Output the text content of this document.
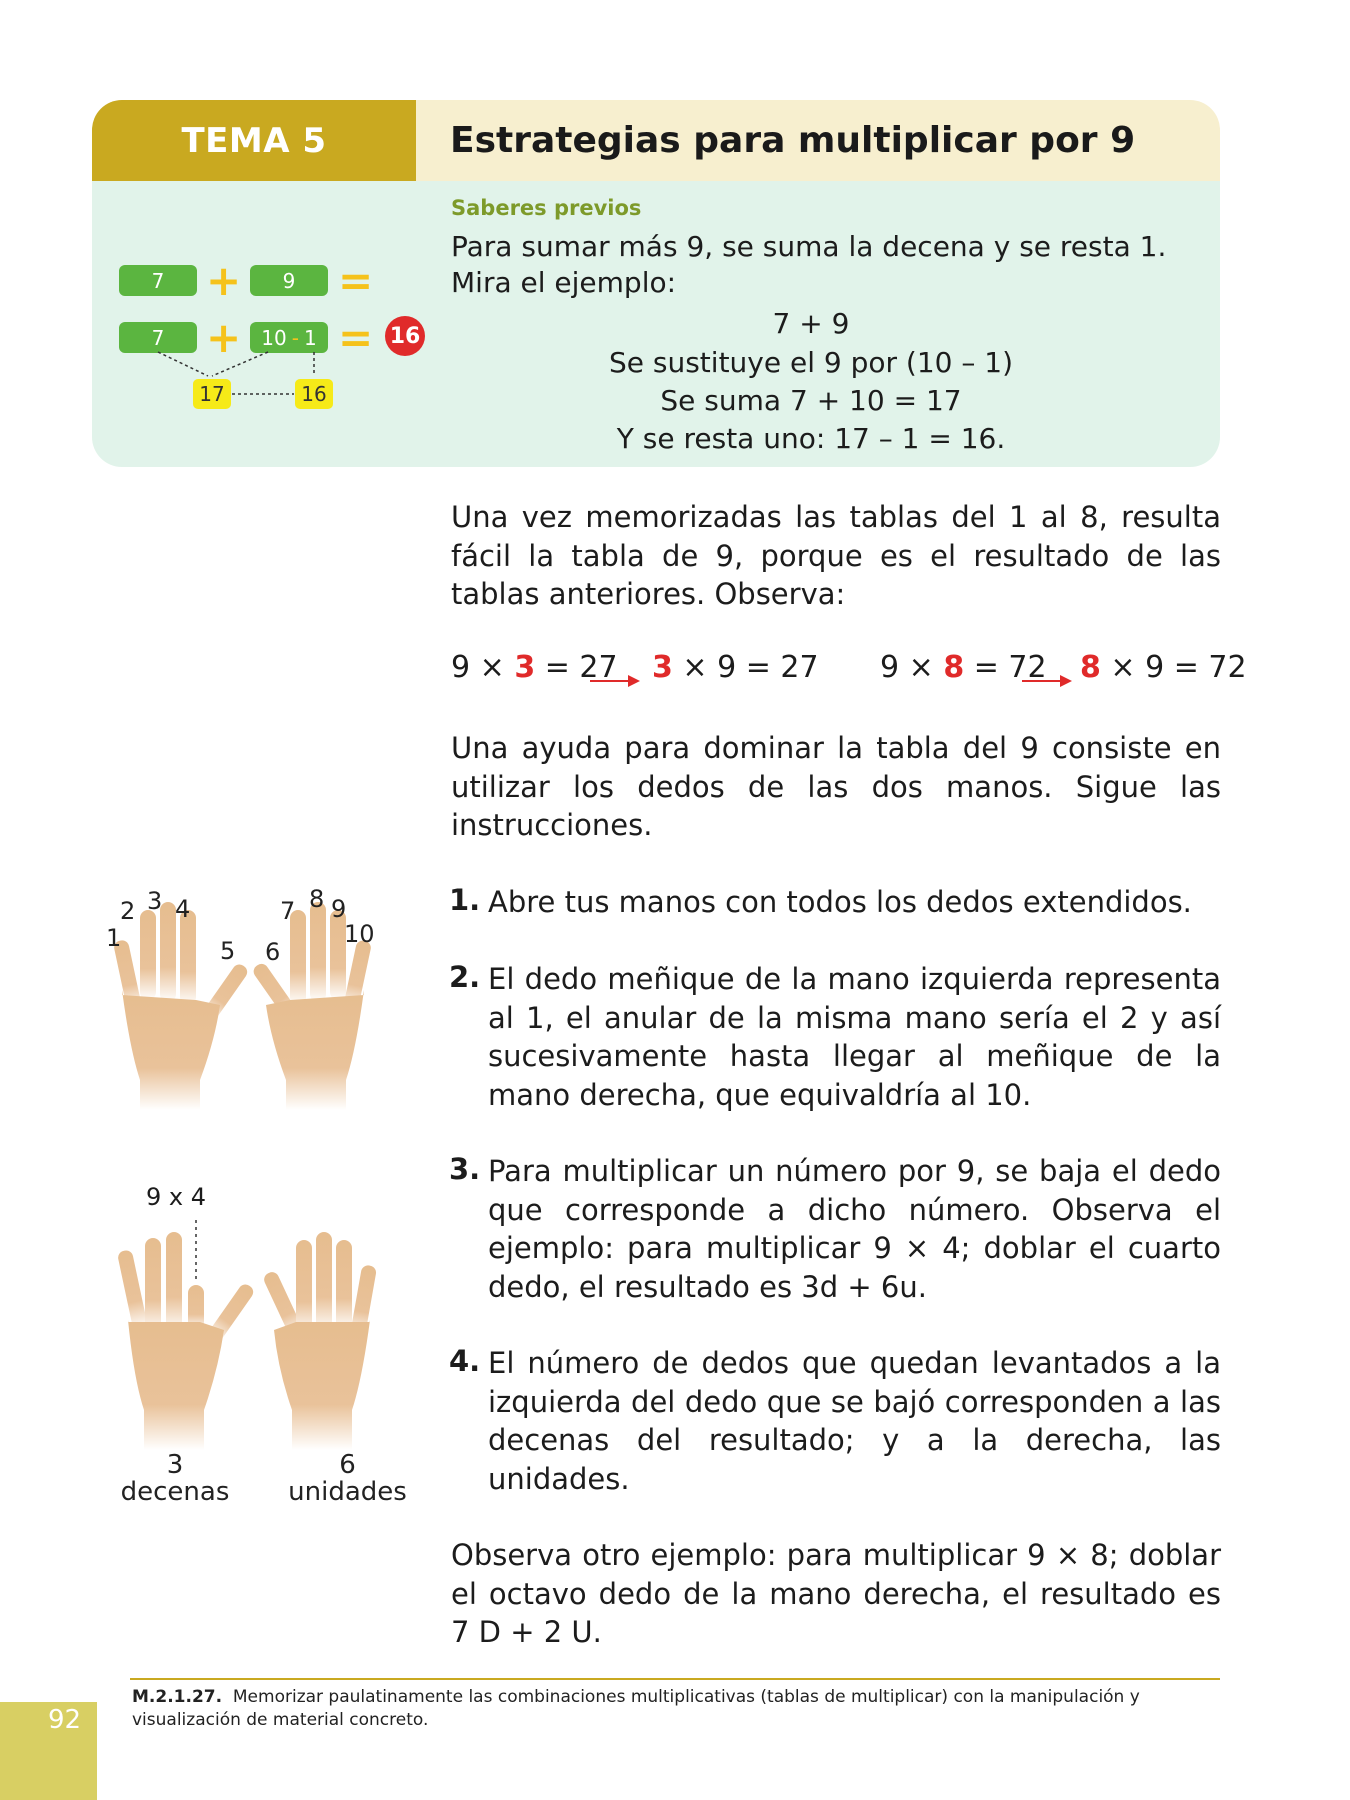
TEMA 5	Estrategias para multiplicar por 9
Saberes previos
Para sumar más 9, se suma la decena y se resta 1.
Mira el ejemplo:
7 + 9
Se sustituye el 9 por (10 – 1)
Se suma 7 + 10 = 17
Y se resta uno: 17 – 1 = 16.
7 +	9	=
7 + 10 - 1 = 16
17	16
Una vez memorizadas las tablas del 1 al 8, resulta fácil la tabla de 9, porque es el resultado de las tablas anteriores. Observa:
9 × 3 = 27 3 × 9 = 27 9 × 8 = 72 8 × 9 = 72
Una ayuda para dominar la tabla del 9 consiste en utilizar los dedos de las dos manos. Sigue las instrucciones.
1. Abre tus manos con todos los dedos extendidos.
2. El dedo meñique de la mano izquierda representa al 1, el anular de la misma mano sería el 2 y así sucesivamente hasta llegar al meñique de la mano derecha, que equivaldría al 10.
3. Para multiplicar un número por 9, se baja el dedo que corresponde a dicho número. Observa el ejemplo: para multiplicar 9 × 4; doblar el cuarto dedo, el resultado es 3d + 6u.
4. El número de dedos que quedan levantados a la izquierda del dedo que se bajó corresponden a las decenas del resultado; y a la derecha, las unidades.
Observa otro ejemplo: para multiplicar 9 × 8; doblar el octavo dedo de la mano derecha, el resultado es 7 D + 2 U.
1
2 3 4
5 6
7 8 9
10
9 x 4
3
decenas
6
unidades
M.2.1.27. Memorizar paulatinamente las combinaciones multiplicativas (tablas de multiplicar) con la manipulación y visualización de material concreto.
92
